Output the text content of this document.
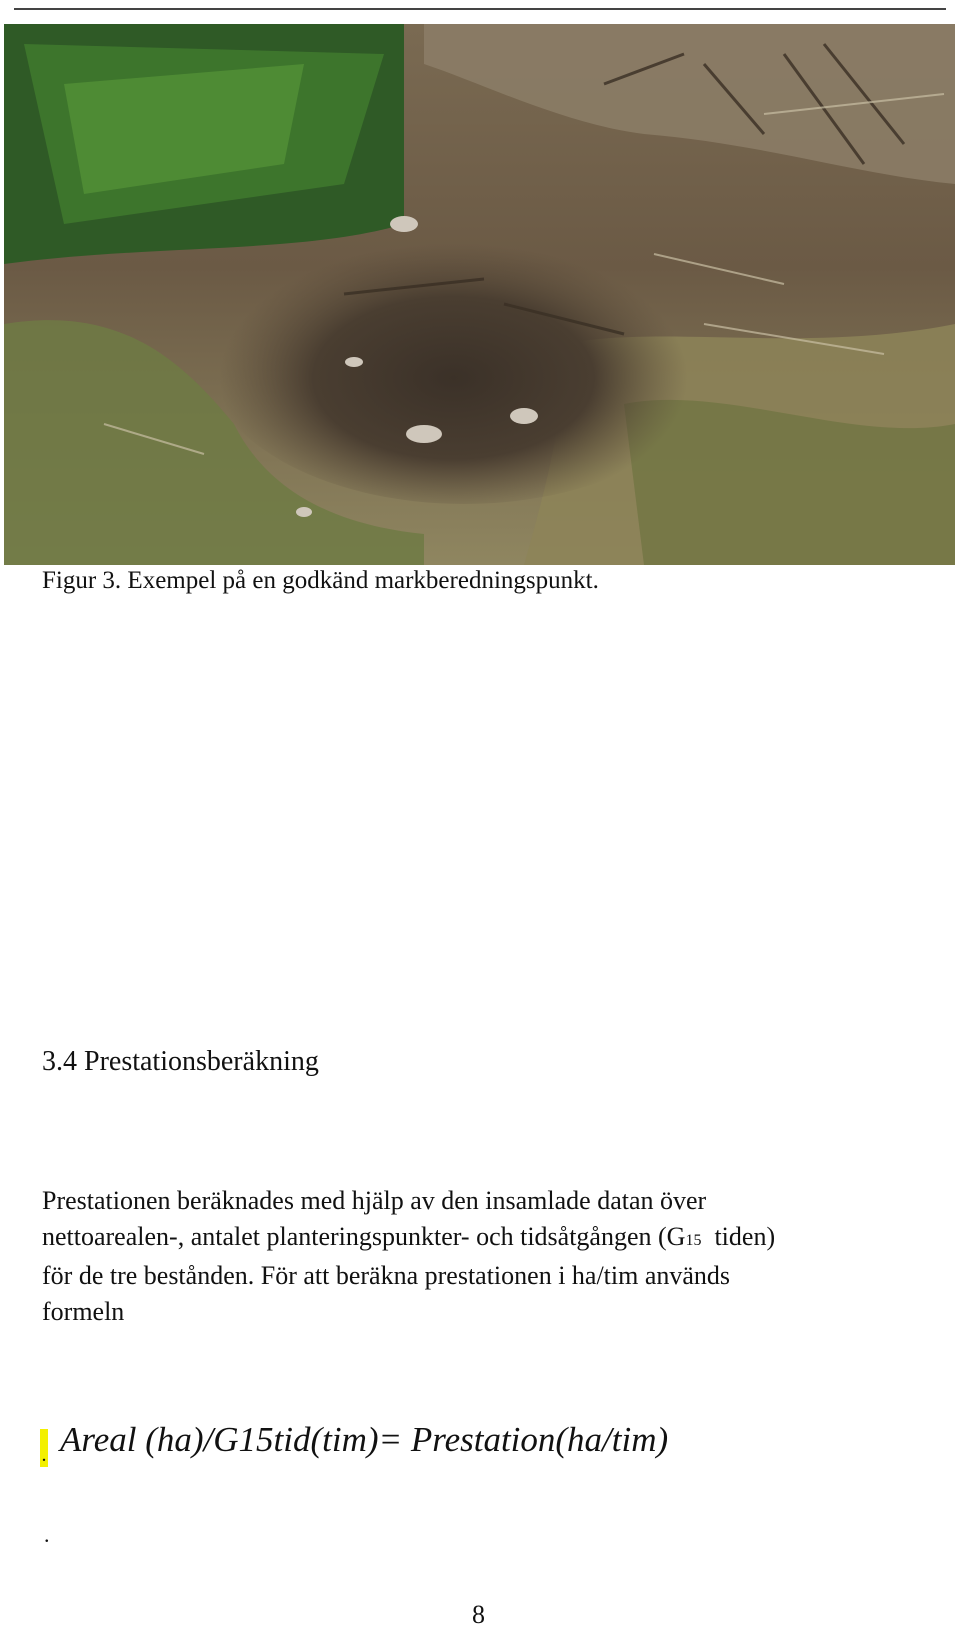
Figur 3. Exempel på en godkänd markberedningspunkt.
3.4 Prestationsberäkning
Prestationen beräknades med hjälp av den insamlade datan över
nettoarealen-, antalet planteringspunkter- och tidsåtgången (G15  tiden)
för de tre bestånden. För att beräkna prestationen i ha/tim används
formeln
. Areal (ha)/G15tid(tim)= Prestation(ha/tim)
.
8
